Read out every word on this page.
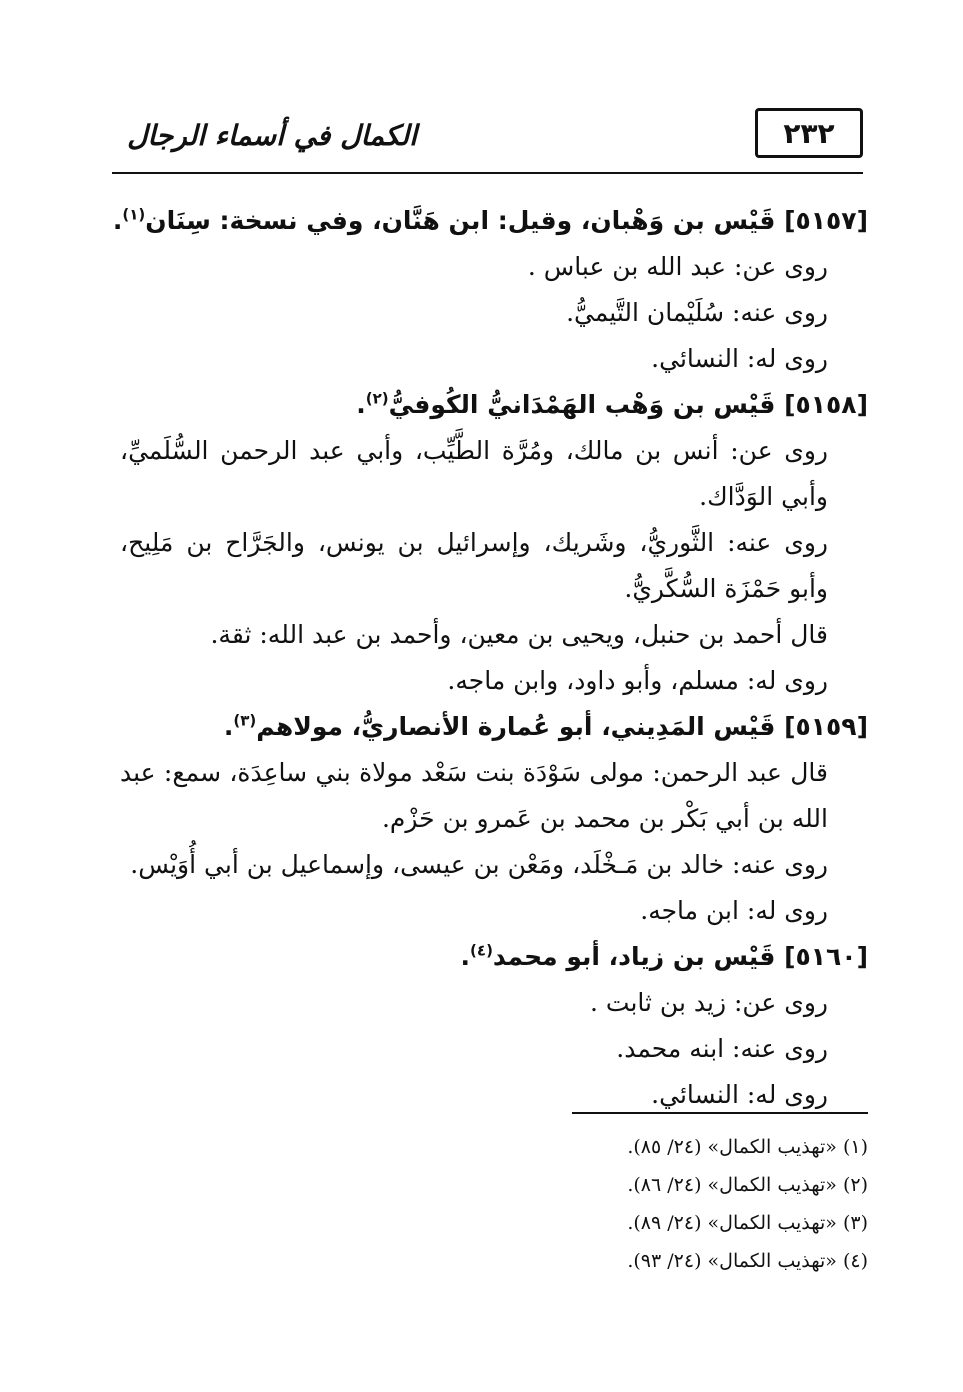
الكمال في أسماء الرجال	٢٣٢
[٥١٥٧] قَيْس بن وَهْبان، وقيل: ابن هَنَّان، وفي نسخة: سِنَان$^{(١)}$.
روى عن: عبد الله بن عباس .
روى عنه: سُلَيْمان التَّيميُّ.
روى له: النسائي.
[٥١٥٨] قَيْس بن وَهْب الهَمْدَانيُّ الكُوفيُّ$^{(٢)}$.
روى عن: أنس بن مالك، ومُرَّة الطَّيِّب، وأبي عبد الرحمن السُّلَميِّ، وأبي الوَدَّاك.
روى عنه: الثَّوريُّ، وشَريك، وإسرائيل بن يونس، والجَرَّاح بن مَلِيح، وأبو حَمْزَة السُّكَّريُّ.
قال أحمد بن حنبل، ويحيى بن معين، وأحمد بن عبد الله: ثقة.
روى له: مسلم، وأبو داود، وابن ماجه.
[٥١٥٩] قَيْس المَدِيني، أبو عُمارة الأنصاريُّ، مولاهم$^{(٣)}$.
قال عبد الرحمن: مولى سَوْدَة بنت سَعْد مولاة بني ساعِدَة، سمع: عبد الله بن أبي بَكْر بن محمد بن عَمرو بن حَزْم.
روى عنه: خالد بن مَـخْلَد، ومَعْن بن عيسى، وإسماعيل بن أبي أُوَيْس.
روى له: ابن ماجه.
[٥١٦٠] قَيْس بن زياد، أبو محمد$^{(٤)}$.
روى عن: زيد بن ثابت .
روى عنه: ابنه محمد.
روى له: النسائي.
(١) «تهذيب الكمال» (٢٤/ ٨٥).
(٢) «تهذيب الكمال» (٢٤/ ٨٦).
(٣) «تهذيب الكمال» (٢٤/ ٨٩).
(٤) «تهذيب الكمال» (٢٤/ ٩٣).
